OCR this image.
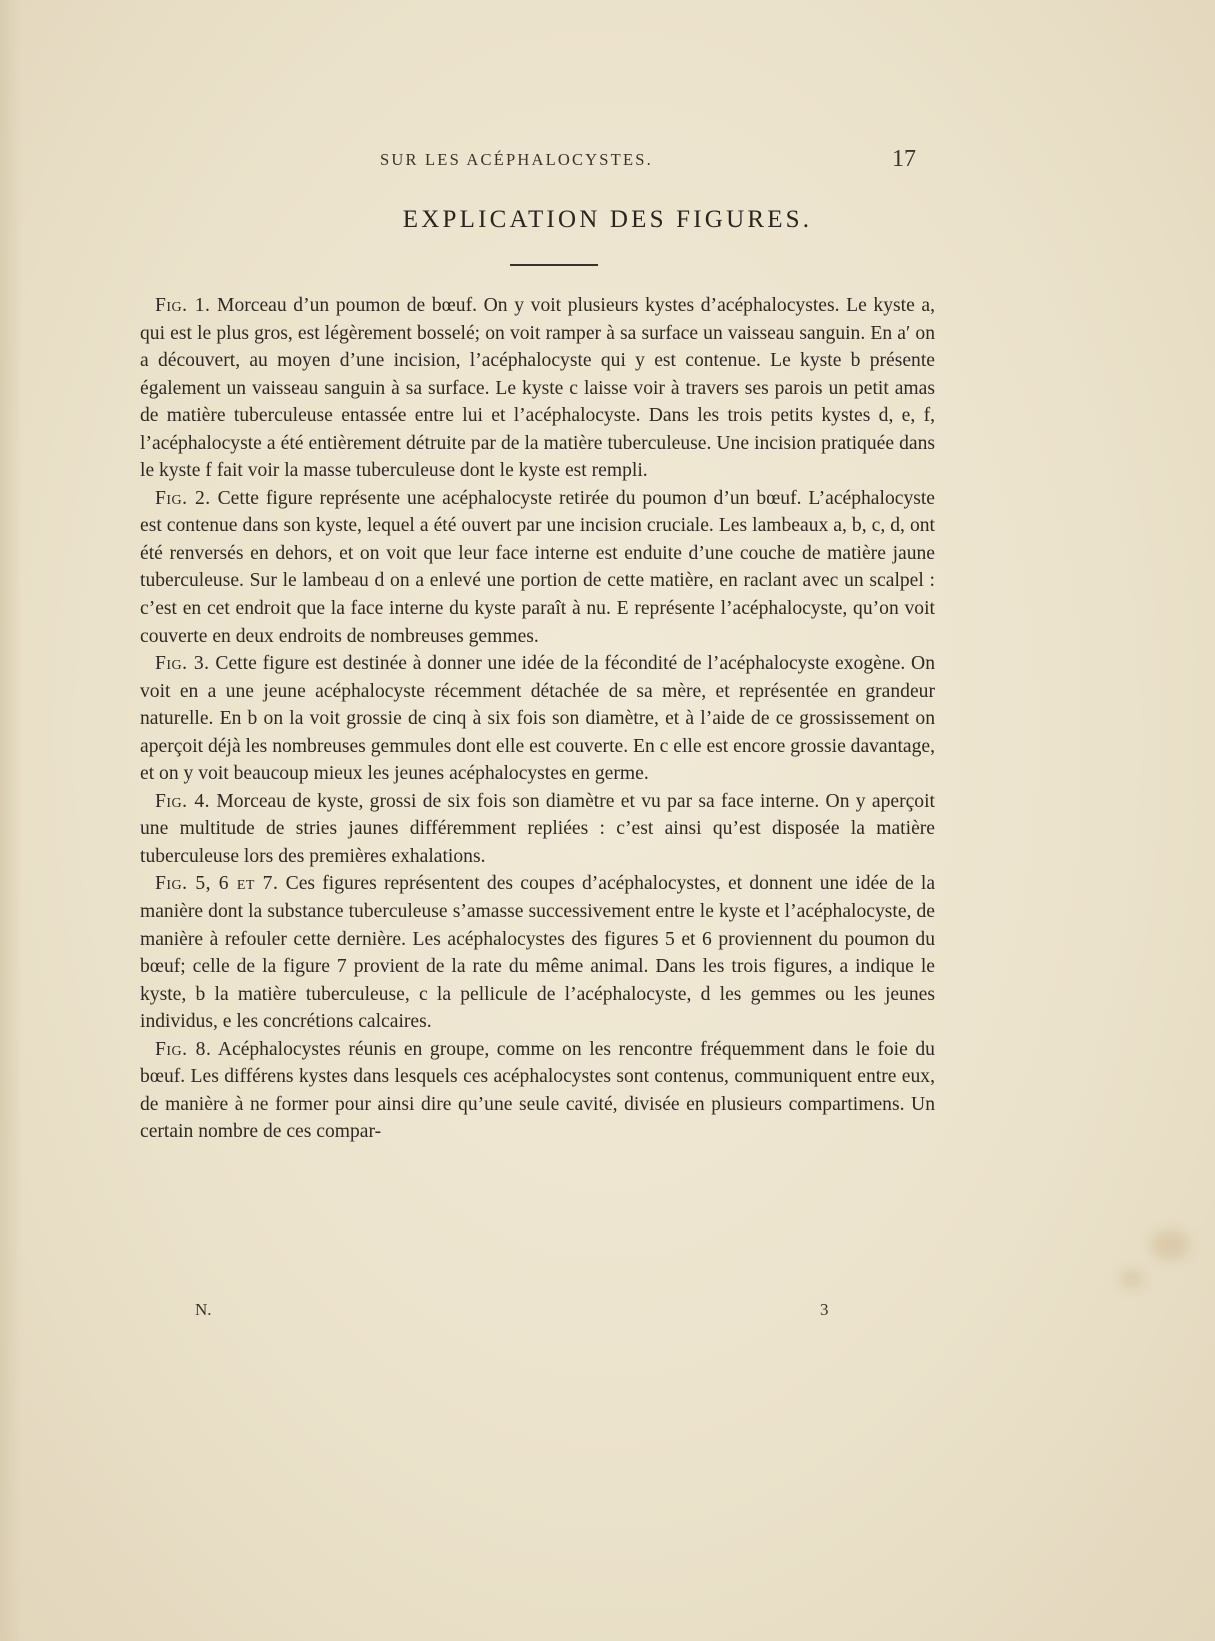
SUR LES ACÉPHALOCYSTES.	17
EXPLICATION DES FIGURES.

Fig. 1. Morceau d’un poumon de bœuf. On y voit plusieurs kystes d’acéphalocystes. Le kyste a, qui est le plus gros, est légèrement bosselé; on voit ramper à sa surface un vaisseau sanguin. En a′ on a découvert, au moyen d’une incision, l’acéphalocyste qui y est contenue. Le kyste b présente également un vaisseau sanguin à sa surface. Le kyste c laisse voir à travers ses parois un petit amas de matière tuberculeuse entassée entre lui et l’acéphalocyste. Dans les trois petits kystes d, e, f, l’acéphalocyste a été entièrement détruite par de la matière tuberculeuse. Une incision pratiquée dans le kyste f fait voir la masse tuberculeuse dont le kyste est rempli.

Fig. 2. Cette figure représente une acéphalocyste retirée du poumon d’un bœuf. L’acéphalocyste est contenue dans son kyste, lequel a été ouvert par une incision cruciale. Les lambeaux a, b, c, d, ont été renversés en dehors, et on voit que leur face interne est enduite d’une couche de matière jaune tuberculeuse. Sur le lambeau d on a enlevé une portion de cette matière, en raclant avec un scalpel : c’est en cet endroit que la face interne du kyste paraît à nu. E représente l’acéphalocyste, qu’on voit couverte en deux endroits de nombreuses gemmes.

Fig. 3. Cette figure est destinée à donner une idée de la fécondité de l’acéphalocyste exogène. On voit en a une jeune acéphalocyste récemment détachée de sa mère, et représentée en grandeur naturelle. En b on la voit grossie de cinq à six fois son diamètre, et à l’aide de ce grossissement on aperçoit déjà les nombreuses gemmules dont elle est couverte. En c elle est encore grossie davantage, et on y voit beaucoup mieux les jeunes acéphalocystes en germe.

Fig. 4. Morceau de kyste, grossi de six fois son diamètre et vu par sa face interne. On y aperçoit une multitude de stries jaunes différemment repliées : c’est ainsi qu’est disposée la matière tuberculeuse lors des premières exhalations.

Fig. 5, 6 et 7. Ces figures représentent des coupes d’acéphalocystes, et donnent une idée de la manière dont la substance tuberculeuse s’amasse successivement entre le kyste et l’acéphalocyste, de manière à refouler cette dernière. Les acéphalocystes des figures 5 et 6 proviennent du poumon du bœuf; celle de la figure 7 provient de la rate du même animal. Dans les trois figures, a indique le kyste, b la matière tuberculeuse, c la pellicule de l’acéphalocyste, d les gemmes ou les jeunes individus, e les concrétions calcaires.

Fig. 8. Acéphalocystes réunis en groupe, comme on les rencontre fréquemment dans le foie du bœuf. Les différens kystes dans lesquels ces acéphalocystes sont contenus, communiquent entre eux, de manière à ne former pour ainsi dire qu’une seule cavité, divisée en plusieurs compartimens. Un certain nombre de ces compar-

N.	3
